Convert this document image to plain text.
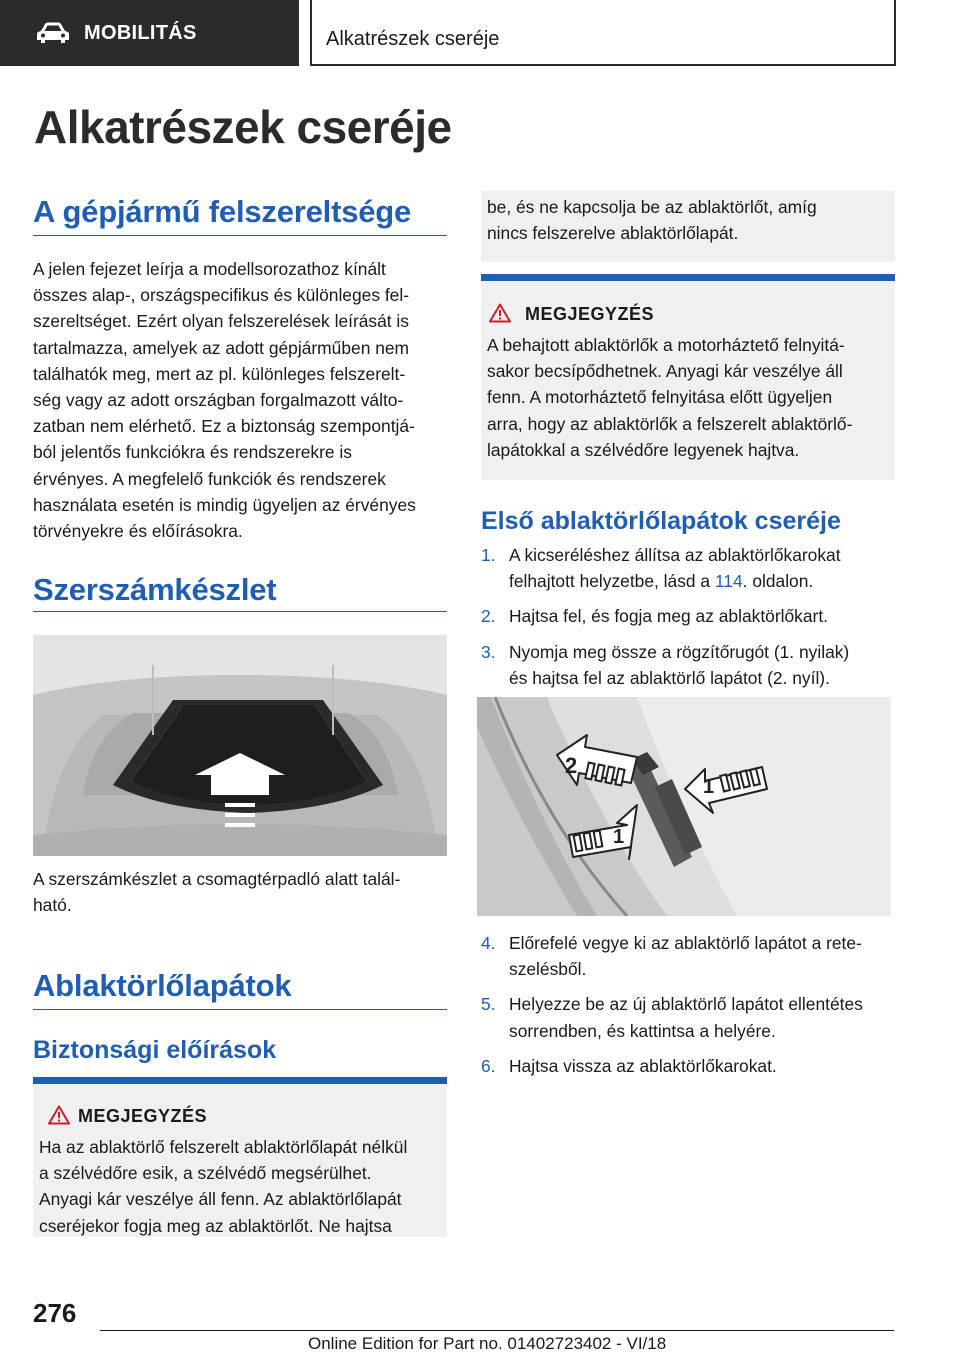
MOBILITÁS	Alkatrészek cseréje
Alkatrészek cseréje
A gépjármű felszereltsége
A jelen fejezet leírja a modellsorozathoz kínált
összes alap-, országspecifikus és különleges fel-
szereltséget. Ezért olyan felszerelések leírását is
tartalmazza, amelyek az adott gépjárműben nem
találhatók meg, mert az pl. különleges felszerelt-
ség vagy az adott országban forgalmazott válto-
zatban nem elérhető. Ez a biztonság szempontjá-
ból jelentős funkciókra és rendszerekre is
érvényes. A megfelelő funkciók és rendszerek
használata esetén is mindig ügyeljen az érvényes
törvényekre és előírásokra.
Szerszámkészlet
A szerszámkészlet a csomagtérpadló alatt talál-
ható.
Ablaktörlőlapátok
Biztonsági előírások
MEGJEGYZÉS
Ha az ablaktörlő felszerelt ablaktörlőlapát nélkül
a szélvédőre esik, a szélvédő megsérülhet.
Anyagi kár veszélye áll fenn. Az ablaktörlőlapát
cseréjekor fogja meg az ablaktörlőt. Ne hajtsa
be, és ne kapcsolja be az ablaktörlőt, amíg
nincs felszerelve ablaktörlőlapát.
MEGJEGYZÉS
A behajtott ablaktörlők a motorháztető felnyitá-
sakor becsípődhetnek. Anyagi kár veszélye áll
fenn. A motorháztető felnyitása előtt ügyeljen
arra, hogy az ablaktörlők a felszerelt ablaktörlő-
lapátokkal a szélvédőre legyenek hajtva.
Első ablaktörlőlapátok cseréje
1. A kicseréléshez állítsa az ablaktörlőkarokat
felhajtott helyzetbe, lásd a 114. oldalon.
2. Hajtsa fel, és fogja meg az ablaktörlőkart.
3. Nyomja meg össze a rögzítőrugót (1. nyilak)
és hajtsa fel az ablaktörlő lapátot (2. nyíl).
2
1
1
4. Előrefelé vegye ki az ablaktörlő lapátot a rete-
szelésből.
5. Helyezze be az új ablaktörlő lapátot ellentétes
sorrendben, és kattintsa a helyére.
6. Hajtsa vissza az ablaktörlőkarokat.
276
Online Edition for Part no. 01402723402 - VI/18
